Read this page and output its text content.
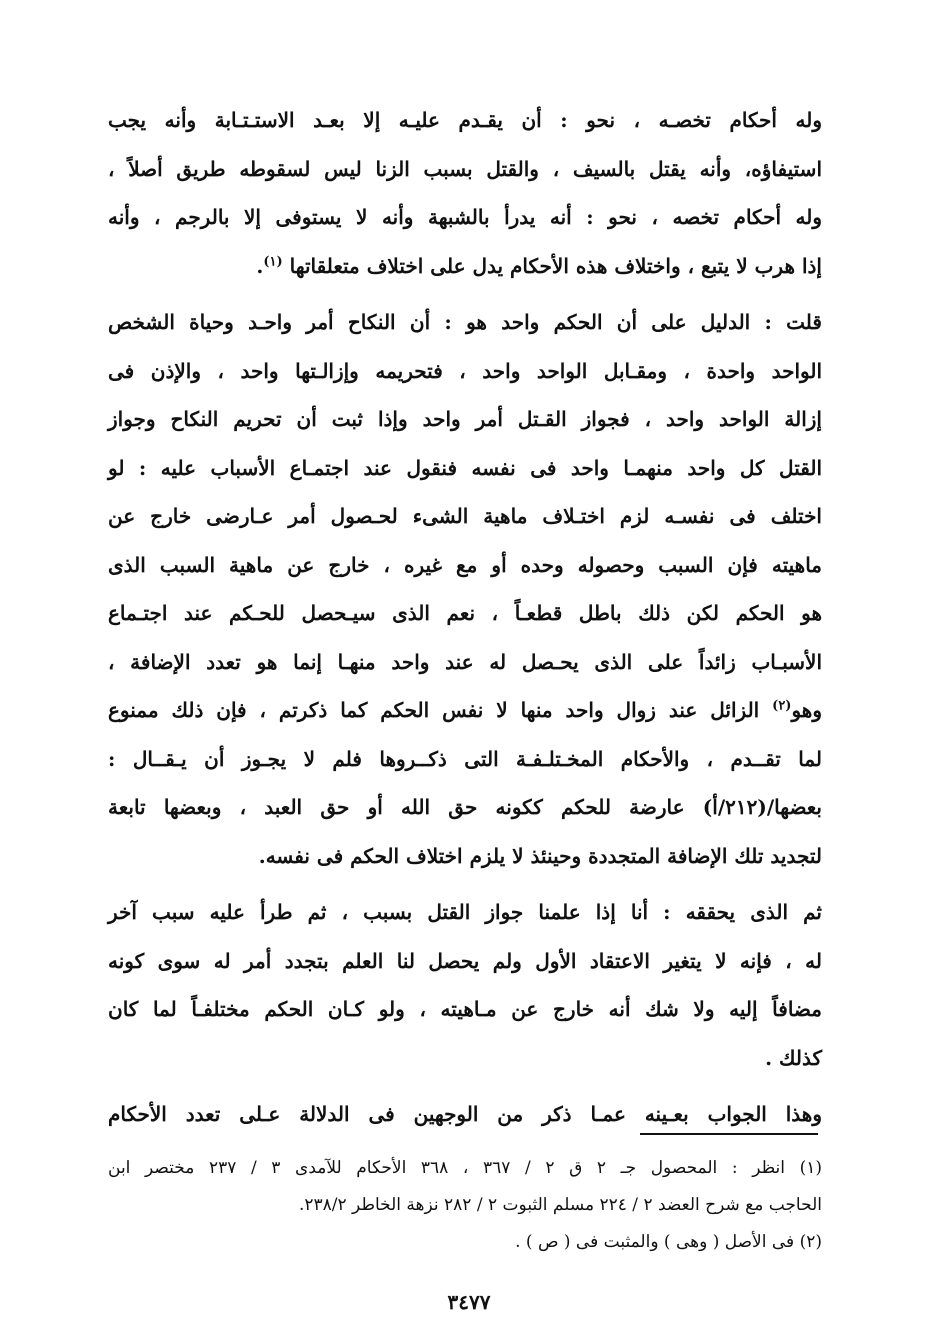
وله أحكام تخصـه ، نحو : أن يقـدم عليـه إلا بعـد الاستـتـابة وأنه يجب
استيفاؤه، وأنه يقتل بالسيف ، والقتل بسبب الزنا ليس لسقوطه طريق أصلاً ،
وله أحكام تخصه ، نحو : أنه يدرأ بالشبهة وأنه لا يستوفى إلا بالرجم ، وأنه
إذا هرب لا يتبع ، واختلاف هذه الأحكام يدل على اختلاف متعلقاتها $^{(١)}$.

قلت : الدليل على أن الحكم واحد هو : أن النكاح أمر واحـد وحياة الشخص
الواحد واحدة ، ومقـابل الواحد واحد ، فتحريمه وإزالـتها واحد ، والإذن فى
إزالة الواحد واحد ، فجواز القـتل أمر واحد وإذا ثبت أن تحريم النكاح وجواز
القتل كل واحد منهمـا واحد فى نفسه فنقول عند اجتمـاع الأسباب عليه : لو
اختلف فى نفسـه لزم اختـلاف ماهية الشىء لحـصول أمر عـارضى خارج عن
ماهيته فإن السبب وحصوله وحده أو مع غيره ، خارج عن ماهية السبب الذى
هو الحكم لكن ذلك باطل قطعـاً ، نعم الذى سيـحصل للحـكم عند اجتـماع
الأسبـاب زائداً على الذى يحـصل له عند واحد منهـا إنما هو تعدد الإضافة ،
وهو$^{(٢)}$ الزائل عند زوال واحد منها لا نفس الحكم كما ذكرتم ، فإن ذلك ممنوع
لما تقــدم ، والأحكام المخـتلـفـة التى ذكــروها فلم لا يجـوز أن يـقــال :
بعضها/(٢١٢/أ) عارضة للحكم ككونه حق الله أو حق العبد ، وبعضها تابعة
لتجديد تلك الإضافة المتجددة وحينئذ لا يلزم اختلاف الحكم فى نفسه.

ثم الذى يحققه : أنا إذا علمنا جواز القتل بسبب ، ثم طرأ عليه سبب آخر
له ، فإنه لا يتغير الاعتقاد الأول ولم يحصل لنا العلم بتجدد أمر له سوى كونه
مضافاً إليه ولا شك أنه خارج عن مـاهيته ، ولو كـان الحكم مختلفـاً لما كان
كذلك .

وهذا الجواب بعـينه عمـا ذكر من الوجهين فى الدلالة عـلى تعدد الأحكام

(١) انظر : المحصول جـ ٢ ق ٢ / ٣٦٧ ، ٣٦٨ الأحكام للآمدى ٣ / ٢٣٧ مختصر ابن
الحاجب مع شرح العضد ٢ / ٢٢٤ مسلم الثبوت ٢ / ٢٨٢ نزهة الخاطر ٢٣٨/٢.

(٢) فى الأصل ( وهى ) والمثبت فى ( ص ) .

٣٤٧٧
